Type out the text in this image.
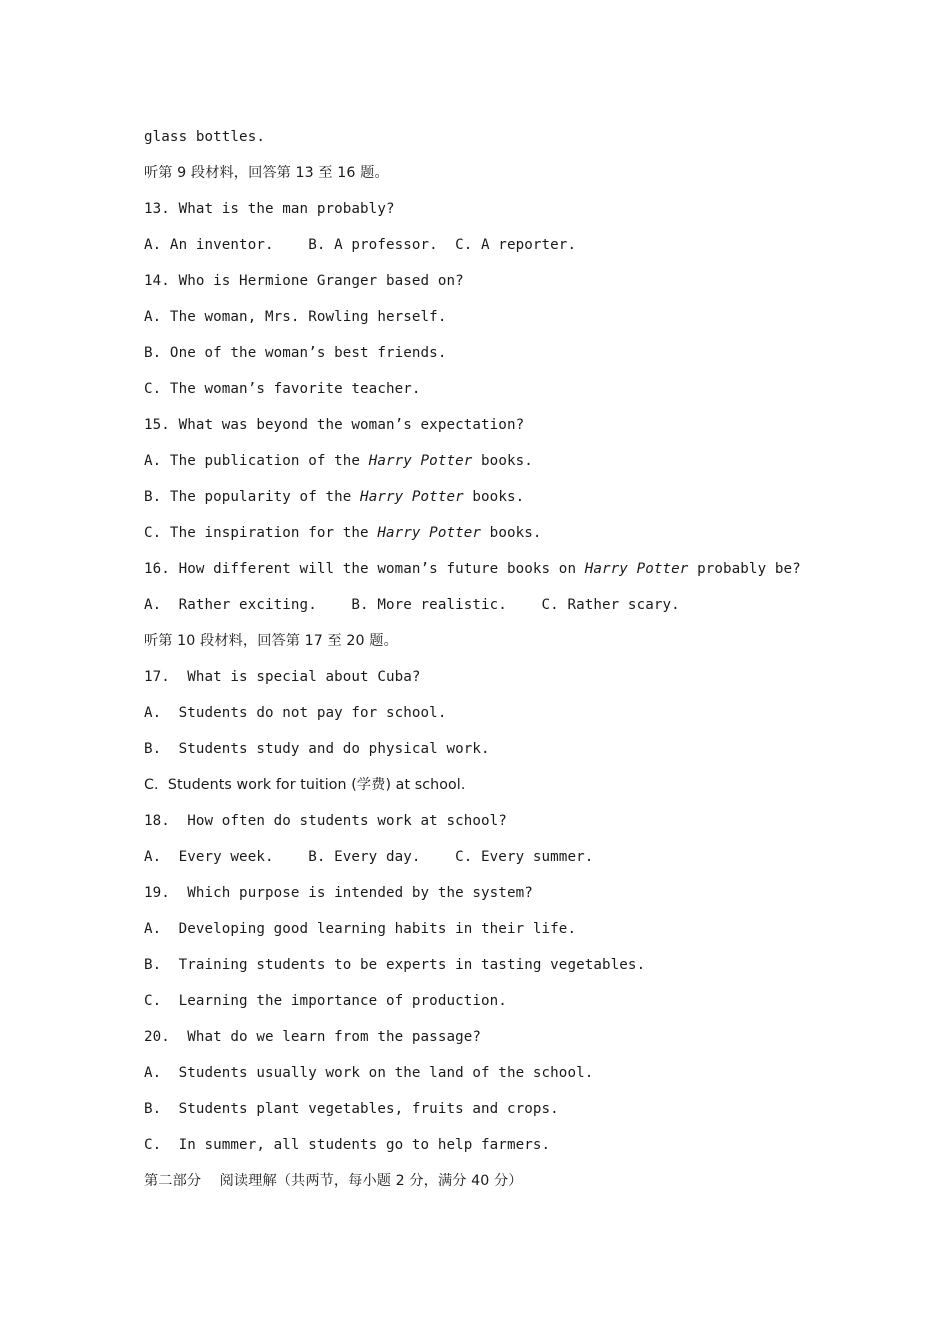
glass bottles.
听第 9 段材料，回答第 13 至 16 题。
13. What is the man probably?
A. An inventor.    B. A professor.  C. A reporter.
14. Who is Hermione Granger based on?
A. The woman, Mrs. Rowling herself.
B. One of the woman’s best friends.
C. The woman’s favorite teacher.
15. What was beyond the woman’s expectation?
A. The publication of the Harry Potter books.
B. The popularity of the Harry Potter books.
C. The inspiration for the Harry Potter books.
16. How different will the woman’s future books on Harry Potter probably be?
A.  Rather exciting.    B. More realistic.    C. Rather scary.
听第 10 段材料，回答第 17 至 20 题。
17.  What is special about Cuba?
A.  Students do not pay for school.
B.  Students study and do physical work.
C.  Students work for tuition (学费) at school.
18.  How often do students work at school?
A.  Every week.    B. Every day.    C. Every summer.
19.  Which purpose is intended by the system?
A.  Developing good learning habits in their life.
B.  Training students to be experts in tasting vegetables.
C.  Learning the importance of production.
20.  What do we learn from the passage?
A.  Students usually work on the land of the school.
B.  Students plant vegetables, fruits and crops.
C.  In summer, all students go to help farmers.
第二部分    阅读理解（共两节，每小题 2 分，满分 40 分）
